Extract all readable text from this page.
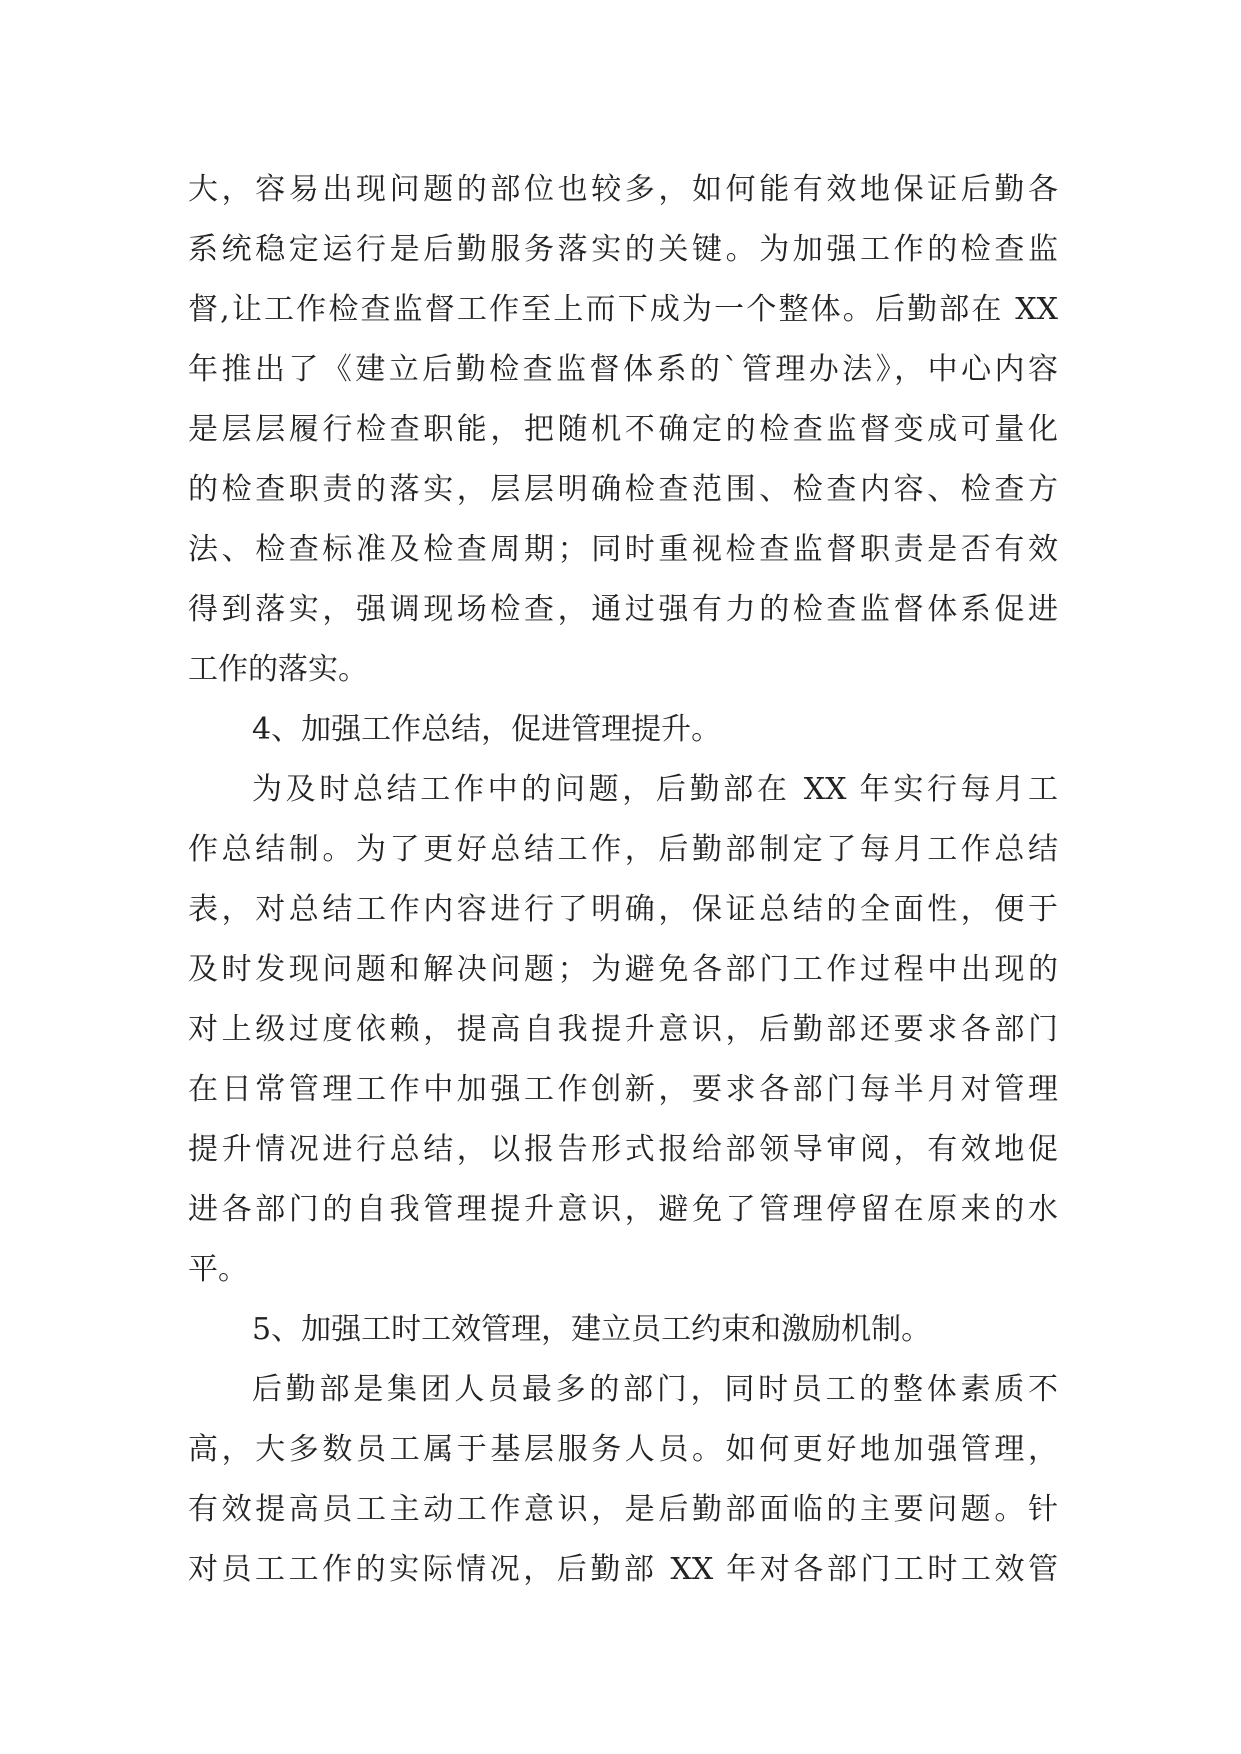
大，容易出现问题的部位也较多，如何能有效地保证后勤各
系统稳定运行是后勤服务落实的关键。为加强工作的检查监
督,让工作检查监督工作至上而下成为一个整体。后勤部在 XX
年推出了《建立后勤检查监督体系的`管理办法》，中心内容
是层层履行检查职能，把随机不确定的检查监督变成可量化
的检查职责的落实，层层明确检查范围、检查内容、检查方
法、检查标准及检查周期；同时重视检查监督职责是否有效
得到落实，强调现场检查，通过强有力的检查监督体系促进
工作的落实。
4、加强工作总结，促进管理提升。
为及时总结工作中的问题，后勤部在 XX 年实行每月工
作总结制。为了更好总结工作，后勤部制定了每月工作总结
表，对总结工作内容进行了明确，保证总结的全面性，便于
及时发现问题和解决问题；为避免各部门工作过程中出现的
对上级过度依赖，提高自我提升意识，后勤部还要求各部门
在日常管理工作中加强工作创新，要求各部门每半月对管理
提升情况进行总结，以报告形式报给部领导审阅，有效地促
进各部门的自我管理提升意识，避免了管理停留在原来的水
平。
5、加强工时工效管理，建立员工约束和激励机制。
后勤部是集团人员最多的部门，同时员工的整体素质不
高，大多数员工属于基层服务人员。如何更好地加强管理，
有效提高员工主动工作意识，是后勤部面临的主要问题。针
对员工工作的实际情况，后勤部 XX 年对各部门工时工效管
